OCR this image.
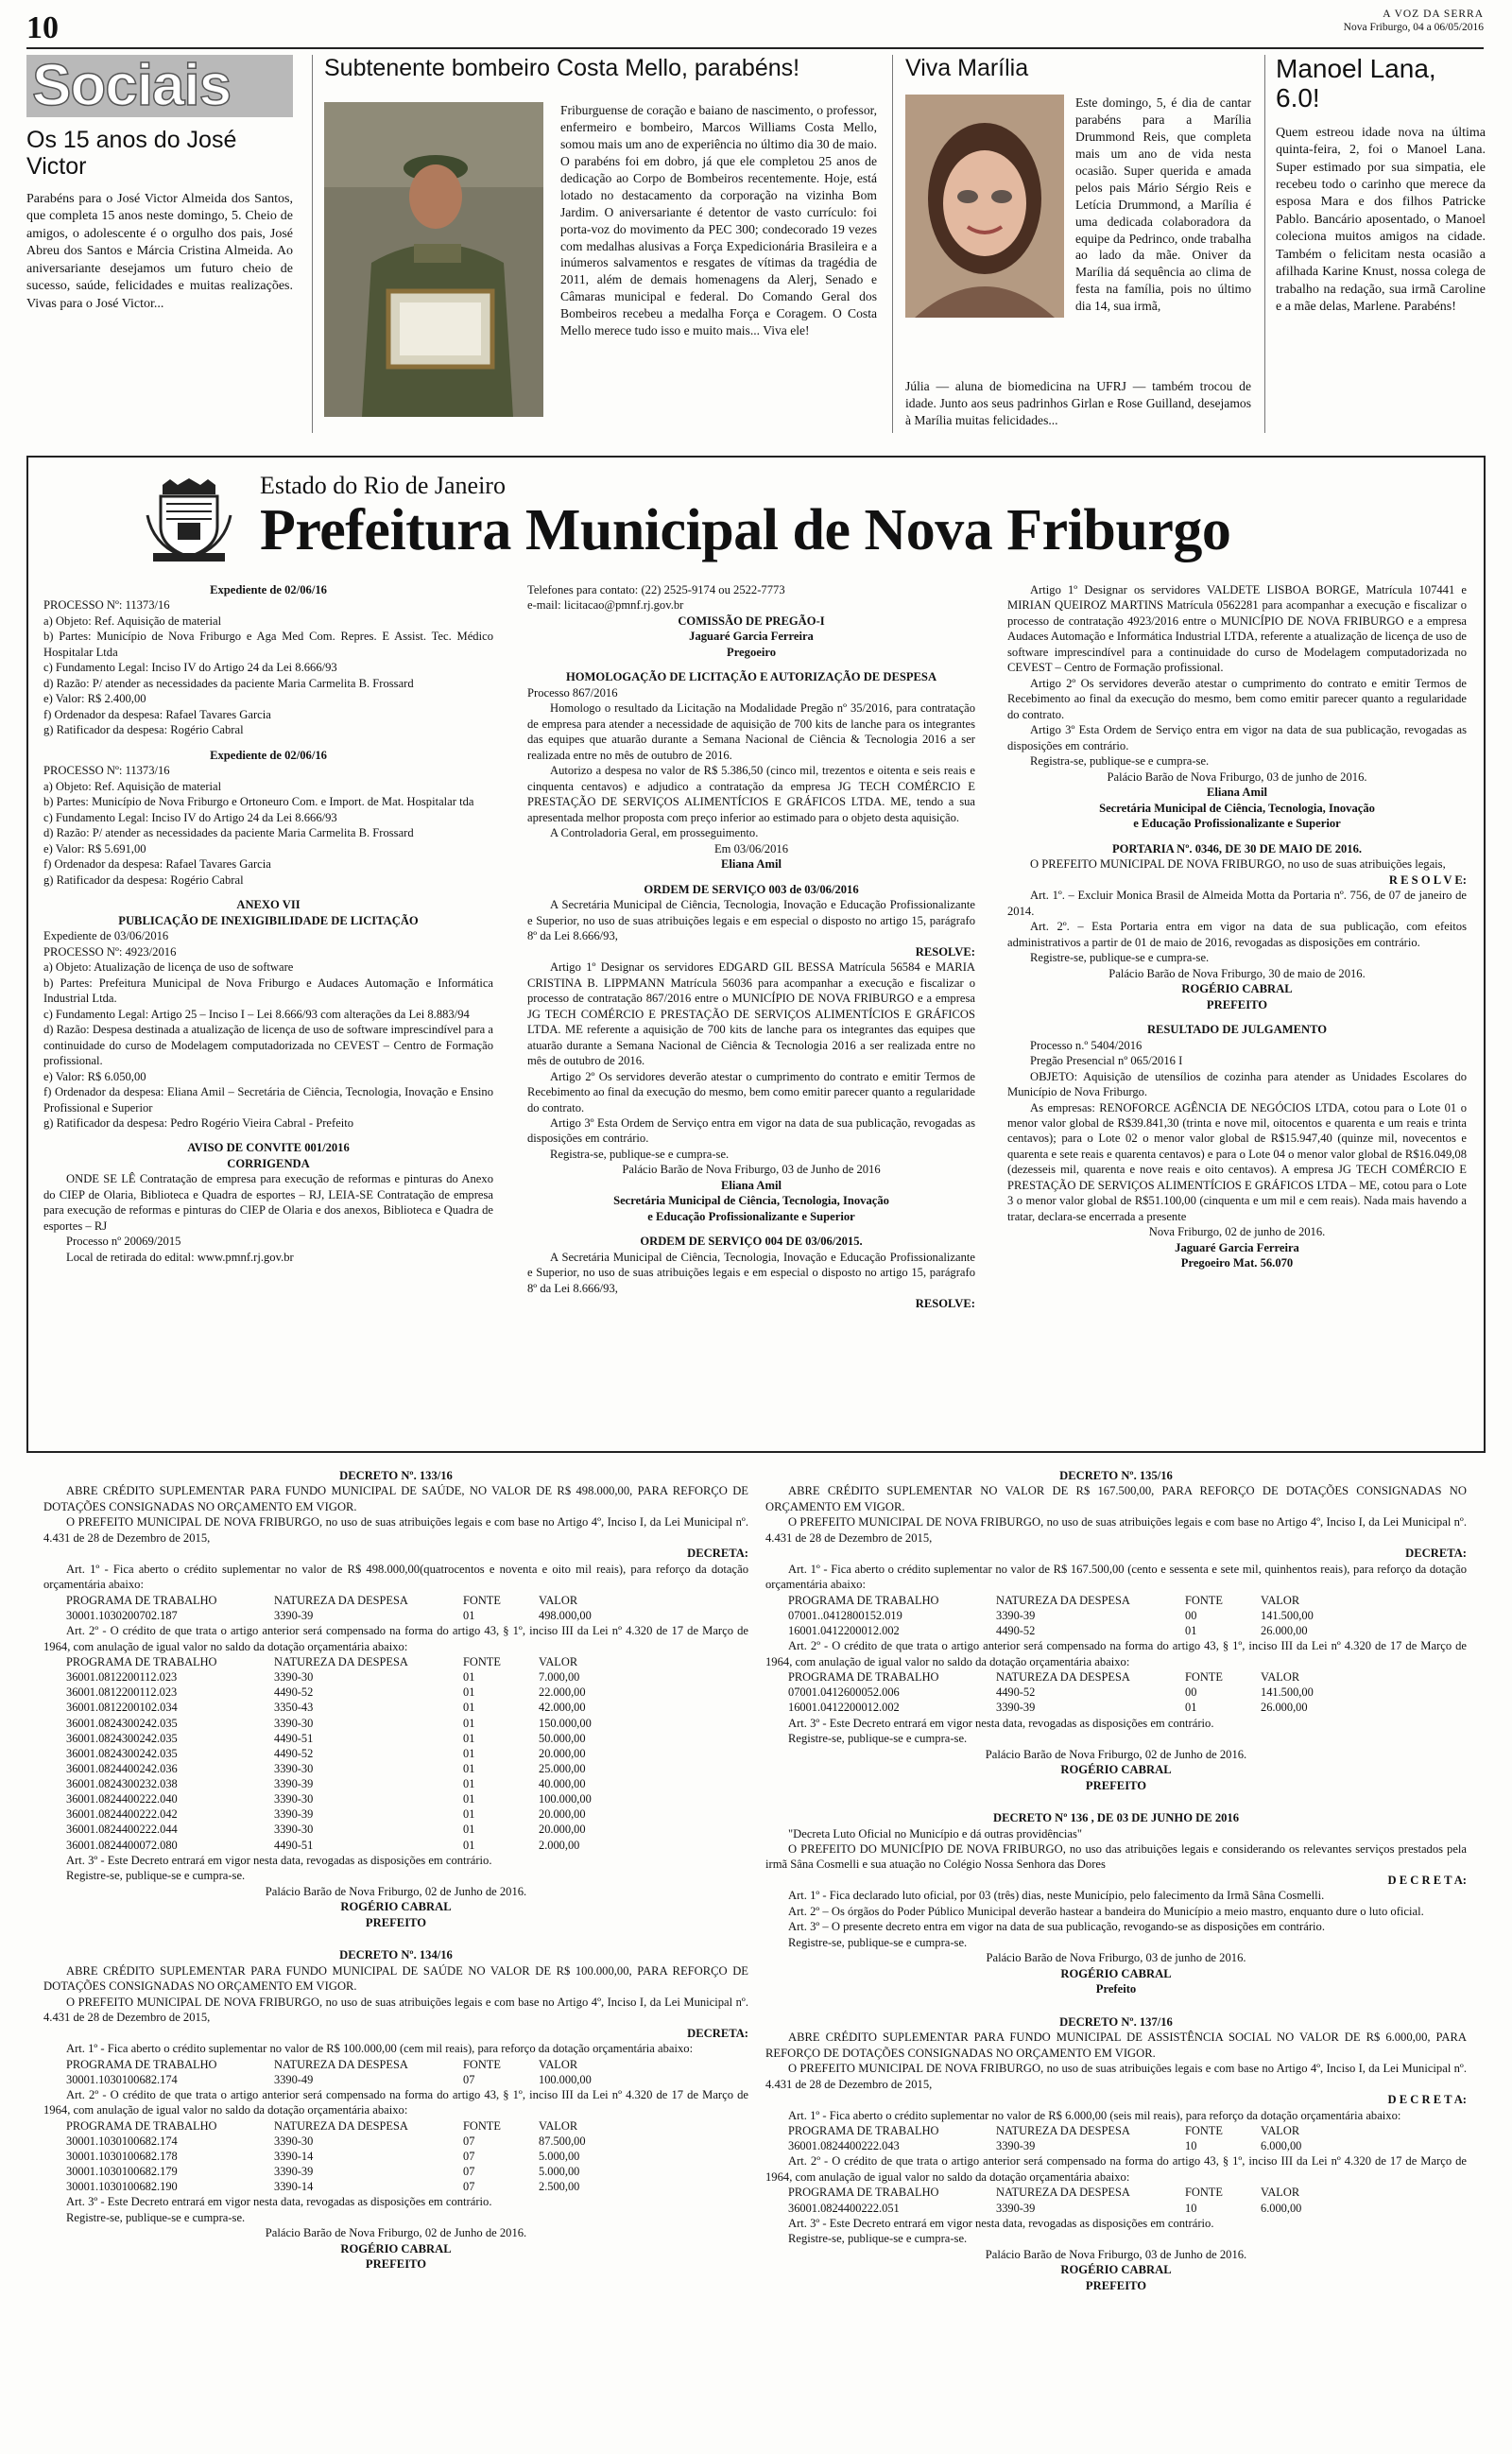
10	A VOZ DA SERRA
Nova Friburgo, 04 a 06/05/2016
Sociais
Os 15 anos do José Victor

Parabéns para o José Victor Almeida dos Santos, que completa 15 anos neste domingo, 5. Cheio de amigos, o adolescente é o orgulho dos pais, José Abreu dos Santos e Márcia Cristina Almeida. Ao aniversariante desejamos um futuro cheio de sucesso, saúde, felicidades e muitas realizações. Vivas para o José Victor...

Subtenente bombeiro Costa Mello, parabéns!

Friburguense de coração e baiano de nascimento, o professor, enfermeiro e bombeiro, Marcos Williams Costa Mello, somou mais um ano de experiência no último dia 30 de maio. O parabéns foi em dobro, já que ele completou 25 anos de dedicação ao Corpo de Bombeiros recentemente. Hoje, está lotado no destacamento da corporação na vizinha Bom Jardim. O aniversariante é detentor de vasto currículo: foi porta-voz do movimento da PEC 300; condecorado 19 vezes com medalhas alusivas a Força Expedicionária Brasileira e a inúmeros salvamentos e resgates de vítimas da tragédia de 2011, além de demais homenagens da Alerj, Senado e Câmaras municipal e federal. Do Comando Geral dos Bombeiros recebeu a medalha Força e Coragem. O Costa Mello merece tudo isso e muito mais... Viva ele!

Viva Marília

Este domingo, 5, é dia de cantar parabéns para a Marília Drummond Reis, que completa mais um ano de vida nesta ocasião. Super querida e amada pelos pais Mário Sérgio Reis e Letícia Drummond, a Marília é uma dedicada colaboradora da equipe da Pedrinco, onde trabalha ao lado da mãe. Oniver da Marília dá sequência ao clima de festa na família, pois no último dia 14, sua irmã,

Júlia — aluna de biomedicina na UFRJ — também trocou de idade. Junto aos seus padrinhos Girlan e Rose Guilland, desejamos à Marília muitas felicidades...

Manoel Lana, 6.0!

Quem estreou idade nova na última quinta-feira, 2, foi o Manoel Lana. Super estimado por sua simpatia, ele recebeu todo o carinho que merece da esposa Mara e dos filhos Patricke Pablo. Bancário aposentado, o Manoel coleciona muitos amigos na cidade. Também o felicitam nesta ocasião a afilhada Karine Knust, nossa colega de trabalho na redação, sua irmã Caroline e a mãe delas, Marlene. Parabéns!

Estado do Rio de Janeiro
Prefeitura Municipal de Nova Friburgo
Expediente de 02/06/16
PROCESSO Nº: 11373/16
a) Objeto: Ref. Aquisição de material
b) Partes: Município de Nova Friburgo e Aga Med Com. Repres. E Assist. Tec. Médico Hospitalar Ltda
c) Fundamento Legal: Inciso IV do Artigo 24 da Lei 8.666/93
d) Razão: P/ atender as necessidades da paciente Maria Carmelita B. Frossard
e) Valor: R$ 2.400,00
f) Ordenador da despesa: Rafael Tavares Garcia
g) Ratificador da despesa: Rogério Cabral
Expediente de 02/06/16
PROCESSO Nº: 11373/16
a) Objeto: Ref. Aquisição de material
b) Partes: Município de Nova Friburgo e Ortoneuro Com. e Import. de Mat. Hospitalar tda
c) Fundamento Legal: Inciso IV do Artigo 24 da Lei 8.666/93
d) Razão: P/ atender as necessidades da paciente Maria Carmelita B. Frossard
e) Valor: R$ 5.691,00
f) Ordenador da despesa: Rafael Tavares Garcia
g) Ratificador da despesa: Rogério Cabral
ANEXO VII
PUBLICAÇÃO DE INEXIGIBILIDADE DE LICITAÇÃO
Expediente de 03/06/2016
PROCESSO Nº: 4923/2016
a) Objeto: Atualização de licença de uso de software
b) Partes: Prefeitura Municipal de Nova Friburgo e Audaces Automação e Informática Industrial Ltda.
c) Fundamento Legal: Artigo 25 – Inciso I – Lei 8.666/93 com alterações da Lei 8.883/94
d) Razão: Despesa destinada a atualização de licença de uso de software imprescindível para a continuidade do curso de Modelagem computadorizada no CEVEST – Centro de Formação profissional.
e) Valor: R$ 6.050,00
f) Ordenador da despesa: Eliana Amil – Secretária de Ciência, Tecnologia, Inovação e Ensino Profissional e Superior
g) Ratificador da despesa: Pedro Rogério Vieira Cabral - Prefeito
AVISO DE CONVITE 001/2016
CORRIGENDA
ONDE SE LÊ Contratação de empresa para execução de reformas e pinturas do Anexo do CIEP de Olaria, Biblioteca e Quadra de esportes – RJ, LEIA-SE Contratação de empresa para execução de reformas e pinturas do CIEP de Olaria e dos anexos, Biblioteca e Quadra de esportes – RJ
Processo nº 20069/2015
Local de retirada do edital: www.pmnf.rj.gov.br
Telefones para contato: (22) 2525-9174 ou 2522-7773
e-mail: licitacao@pmnf.rj.gov.br
COMISSÃO DE PREGÃO-I
Jaguaré Garcia Ferreira
Pregoeiro
HOMOLOGAÇÃO DE LICITAÇÃO E AUTORIZAÇÃO DE DESPESA
Processo 867/2016
Homologo o resultado da Licitação na Modalidade Pregão nº 35/2016, para contratação de empresa para atender a necessidade de aquisição de 700 kits de lanche para os integrantes das equipes que atuarão durante a Semana Nacional de Ciência & Tecnologia 2016 a ser realizada entre no mês de outubro de 2016.
Autorizo a despesa no valor de R$ 5.386,50 (cinco mil, trezentos e oitenta e seis reais e cinquenta centavos) e adjudico a contratação da empresa JG TECH COMÉRCIO E PRESTAÇÃO DE SERVIÇOS ALIMENTÍCIOS E GRÁFICOS LTDA. ME, tendo a sua apresentada melhor proposta com preço inferior ao estimado para o objeto desta aquisição.
A Controladoria Geral, em prosseguimento.
Em 03/06/2016
Eliana Amil
ORDEM DE SERVIÇO 003 de 03/06/2016
A Secretária Municipal de Ciência, Tecnologia, Inovação e Educação Profissionalizante e Superior, no uso de suas atribuições legais e em especial o disposto no artigo 15, parágrafo 8º da Lei 8.666/93,
RESOLVE:
Artigo 1º Designar os servidores EDGARD GIL BESSA Matrícula 56584 e MARIA CRISTINA B. LIPPMANN Matrícula 56036 para acompanhar a execução e fiscalizar o processo de contratação 867/2016 entre o MUNICÍPIO DE NOVA FRIBURGO e a empresa JG TECH COMÉRCIO E PRESTAÇÃO DE SERVIÇOS ALIMENTÍCIOS E GRÁFICOS LTDA. ME referente a aquisição de 700 kits de lanche para os integrantes das equipes que atuarão durante a Semana Nacional de Ciência & Tecnologia 2016 a ser realizada entre no mês de outubro de 2016.
Artigo 2º Os servidores deverão atestar o cumprimento do contrato e emitir Termos de Recebimento ao final da execução do mesmo, bem como emitir parecer quanto a regularidade do contrato.
Artigo 3º Esta Ordem de Serviço entra em vigor na data de sua publicação, revogadas as disposições em contrário.
Registra-se, publique-se e cumpra-se.
Palácio Barão de Nova Friburgo, 03 de Junho de 2016
Eliana Amil
Secretária Municipal de Ciência, Tecnologia, Inovação
e Educação Profissionalizante e Superior
ORDEM DE SERVIÇO 004 DE 03/06/2015.
A Secretária Municipal de Ciência, Tecnologia, Inovação e Educação Profissionalizante e Superior, no uso de suas atribuições legais e em especial o disposto no artigo 15, parágrafo 8º da Lei 8.666/93,
RESOLVE:
Artigo 1º Designar os servidores VALDETE LISBOA BORGE, Matrícula 107441 e MIRIAN QUEIROZ MARTINS Matrícula 0562281 para acompanhar a execução e fiscalizar o processo de contratação 4923/2016 entre o MUNICÍPIO DE NOVA FRIBURGO e a empresa Audaces Automação e Informática Industrial LTDA, referente a atualização de licença de uso de software imprescindível para a continuidade do curso de Modelagem computadorizada no CEVEST – Centro de Formação profissional.
Artigo 2º Os servidores deverão atestar o cumprimento do contrato e emitir Termos de Recebimento ao final da execução do mesmo, bem como emitir parecer quanto a regularidade do contrato.
Artigo 3º Esta Ordem de Serviço entra em vigor na data de sua publicação, revogadas as disposições em contrário.
Registra-se, publique-se e cumpra-se.
Palácio Barão de Nova Friburgo, 03 de junho de 2016.
Eliana Amil
Secretária Municipal de Ciência, Tecnologia, Inovação
e Educação Profissionalizante e Superior
PORTARIA Nº. 0346, DE 30 DE MAIO DE 2016.
O PREFEITO MUNICIPAL DE NOVA FRIBURGO, no uso de suas atribuições legais,
R E S O L V E:
Art. 1º. – Excluir Monica Brasil de Almeida Motta da Portaria nº. 756, de 07 de janeiro de 2014.
Art. 2º. – Esta Portaria entra em vigor na data de sua publicação, com efeitos administrativos a partir de 01 de maio de 2016, revogadas as disposições em contrário.
Registre-se, publique-se e cumpra-se.
Palácio Barão de Nova Friburgo, 30 de maio de 2016.
ROGÉRIO CABRAL
PREFEITO
RESULTADO DE JULGAMENTO
Processo n.º 5404/2016
Pregão Presencial nº 065/2016 I
OBJETO: Aquisição de utensílios de cozinha para atender as Unidades Escolares do Município de Nova Friburgo.
As empresas: RENOFORCE AGÊNCIA DE NEGÓCIOS LTDA, cotou para o Lote 01 o menor valor global de R$39.841,30 (trinta e nove mil, oitocentos e quarenta e um reais e trinta centavos); para o Lote 02 o menor valor global de R$15.947,40 (quinze mil, novecentos e quarenta e sete reais e quarenta centavos) e para o Lote 04 o menor valor global de R$16.049,08 (dezesseis mil, quarenta e nove reais e oito centavos). A empresa JG TECH COMÉRCIO E PRESTAÇÃO DE SERVIÇOS ALIMENTÍCIOS E GRÁFICOS LTDA – ME, cotou para o Lote 3 o menor valor global de R$51.100,00 (cinquenta e um mil e cem reais). Nada mais havendo a tratar, declara-se encerrada a presente
Nova Friburgo, 02 de junho de 2016.
Jaguaré Garcia Ferreira
Pregoeiro Mat. 56.070
DECRETO Nº. 133/16
ABRE CRÉDITO SUPLEMENTAR PARA FUNDO MUNICIPAL DE SAÚDE, NO VALOR DE R$ 498.000,00, PARA REFORÇO DE DOTAÇÕES CONSIGNADAS NO ORÇAMENTO EM VIGOR.
O PREFEITO MUNICIPAL DE NOVA FRIBURGO, no uso de suas atribuições legais e com base no Artigo 4º, Inciso I, da Lei Municipal nº. 4.431 de 28 de Dezembro de 2015,
DECRETA:
Art. 1º - Fica aberto o crédito suplementar no valor de R$ 498.000,00(quatrocentos e noventa e oito mil reais), para reforço da dotação orçamentária abaixo:
PROGRAMA DE TRABALHO	NATUREZA DA DESPESA	FONTE	VALOR
30001.1030200702.187	3390-39	01	498.000,00
Art. 2º - O crédito de que trata o artigo anterior será compensado na forma do artigo 43, § 1º, inciso III da Lei nº 4.320 de 17 de Março de 1964, com anulação de igual valor no saldo da dotação orçamentária abaixo:
PROGRAMA DE TRABALHO	NATUREZA DA DESPESA	FONTE	VALOR
36001.0812200112.023	3390-30	01	7.000,00
36001.0812200112.023	4490-52	01	22.000,00
36001.0812200102.034	3350-43	01	42.000,00
36001.0824300242.035	3390-30	01	150.000,00
36001.0824300242.035	4490-51	01	50.000,00
36001.0824300242.035	4490-52	01	20.000,00
36001.0824400242.036	3390-30	01	25.000,00
36001.0824300232.038	3390-39	01	40.000,00
36001.0824400222.040	3390-30	01	100.000,00
36001.0824400222.042	3390-39	01	20.000,00
36001.0824400222.044	3390-30	01	20.000,00
36001.0824400072.080	4490-51	01	2.000,00
Art. 3º - Este Decreto entrará em vigor nesta data, revogadas as disposições em contrário.
Registre-se, publique-se e cumpra-se.
Palácio Barão de Nova Friburgo, 02 de Junho de 2016.
ROGÉRIO CABRAL
PREFEITO
DECRETO Nº. 134/16
ABRE CRÉDITO SUPLEMENTAR PARA FUNDO MUNICIPAL DE SAÚDE NO VALOR DE R$ 100.000,00, PARA REFORÇO DE DOTAÇÕES CONSIGNADAS NO ORÇAMENTO EM VIGOR.
O PREFEITO MUNICIPAL DE NOVA FRIBURGO, no uso de suas atribuições legais e com base no Artigo 4º, Inciso I, da Lei Municipal nº. 4.431 de 28 de Dezembro de 2015,
DECRETA:
Art. 1º - Fica aberto o crédito suplementar no valor de R$ 100.000,00 (cem mil reais), para reforço da dotação orçamentária abaixo:
PROGRAMA DE TRABALHO	NATUREZA DA DESPESA	FONTE	VALOR
30001.1030100682.174	3390-49	07	100.000,00
Art. 2º - O crédito de que trata o artigo anterior será compensado na forma do artigo 43, § 1º, inciso III da Lei nº 4.320 de 17 de Março de 1964, com anulação de igual valor no saldo da dotação orçamentária abaixo:
PROGRAMA DE TRABALHO	NATUREZA DA DESPESA	FONTE	VALOR
30001.1030100682.174	3390-30	07	87.500,00
30001.1030100682.178	3390-14	07	5.000,00
30001.1030100682.179	3390-39	07	5.000,00
30001.1030100682.190	3390-14	07	2.500,00
Art. 3º - Este Decreto entrará em vigor nesta data, revogadas as disposições em contrário.
Registre-se, publique-se e cumpra-se.
Palácio Barão de Nova Friburgo, 02 de Junho de 2016.
ROGÉRIO CABRAL
PREFEITO
DECRETO Nº. 135/16
ABRE CRÉDITO SUPLEMENTAR NO VALOR DE R$ 167.500,00, PARA REFORÇO DE DOTAÇÕES CONSIGNADAS NO ORÇAMENTO EM VIGOR.
O PREFEITO MUNICIPAL DE NOVA FRIBURGO, no uso de suas atribuições legais e com base no Artigo 4º, Inciso I, da Lei Municipal nº. 4.431 de 28 de Dezembro de 2015,
DECRETA:
Art. 1º - Fica aberto o crédito suplementar no valor de R$ 167.500,00 (cento e sessenta e sete mil, quinhentos reais), para reforço da dotação orçamentária abaixo:
PROGRAMA DE TRABALHO	NATUREZA DA DESPESA	FONTE	VALOR
07001..0412800152.019	3390-39	00	141.500,00
16001.0412200012.002	4490-52	01	26.000,00
Art. 2º - O crédito de que trata o artigo anterior será compensado na forma do artigo 43, § 1º, inciso III da Lei nº 4.320 de 17 de Março de 1964, com anulação de igual valor no saldo da dotação orçamentária abaixo:
PROGRAMA DE TRABALHO	NATUREZA DA DESPESA	FONTE	VALOR
07001.0412600052.006	4490-52	00	141.500,00
16001.0412200012.002	3390-39	01	26.000,00
Art. 3º - Este Decreto entrará em vigor nesta data, revogadas as disposições em contrário.
Registre-se, publique-se e cumpra-se.
Palácio Barão de Nova Friburgo, 02 de Junho de 2016.
ROGÉRIO CABRAL
PREFEITO
DECRETO Nº 136 , DE 03 DE JUNHO DE 2016
"Decreta Luto Oficial no Município e dá outras providências"
O PREFEITO DO MUNICÍPIO DE NOVA FRIBURGO, no uso das atribuições legais e considerando os relevantes serviços prestados pela irmã Sâna Cosmelli e sua atuação no Colégio Nossa Senhora das Dores
D E C R E T A:
Art. 1º - Fica declarado luto oficial, por 03 (três) dias, neste Município, pelo falecimento da Irmã Sâna Cosmelli.
Art. 2º – Os órgãos do Poder Público Municipal deverão hastear a bandeira do Município a meio mastro, enquanto dure o luto oficial.
Art. 3º – O presente decreto entra em vigor na data de sua publicação, revogando-se as disposições em contrário.
Registre-se, publique-se e cumpra-se.
Palácio Barão de Nova Friburgo, 03 de junho de 2016.
ROGÉRIO CABRAL
Prefeito
DECRETO Nº. 137/16
ABRE CRÉDITO SUPLEMENTAR PARA FUNDO MUNICIPAL DE ASSISTÊNCIA SOCIAL NO VALOR DE R$ 6.000,00, PARA REFORÇO DE DOTAÇÕES CONSIGNADAS NO ORÇAMENTO EM VIGOR.
O PREFEITO MUNICIPAL DE NOVA FRIBURGO, no uso de suas atribuições legais e com base no Artigo 4º, Inciso I, da Lei Municipal nº. 4.431 de 28 de Dezembro de 2015,
D E C R E T A:
Art. 1º - Fica aberto o crédito suplementar no valor de R$ 6.000,00 (seis mil reais), para reforço da dotação orçamentária abaixo:
PROGRAMA DE TRABALHO	NATUREZA DA DESPESA	FONTE	VALOR
36001.0824400222.043	3390-39	10	6.000,00
Art. 2º - O crédito de que trata o artigo anterior será compensado na forma do artigo 43, § 1º, inciso III da Lei nº 4.320 de 17 de Março de 1964, com anulação de igual valor no saldo da dotação orçamentária abaixo:
PROGRAMA DE TRABALHO	NATUREZA DA DESPESA	FONTE	VALOR
36001.0824400222.051	3390-39	10	6.000,00
Art. 3º - Este Decreto entrará em vigor nesta data, revogadas as disposições em contrário.
Registre-se, publique-se e cumpra-se.
Palácio Barão de Nova Friburgo, 03 de Junho de 2016.
ROGÉRIO CABRAL
PREFEITO
